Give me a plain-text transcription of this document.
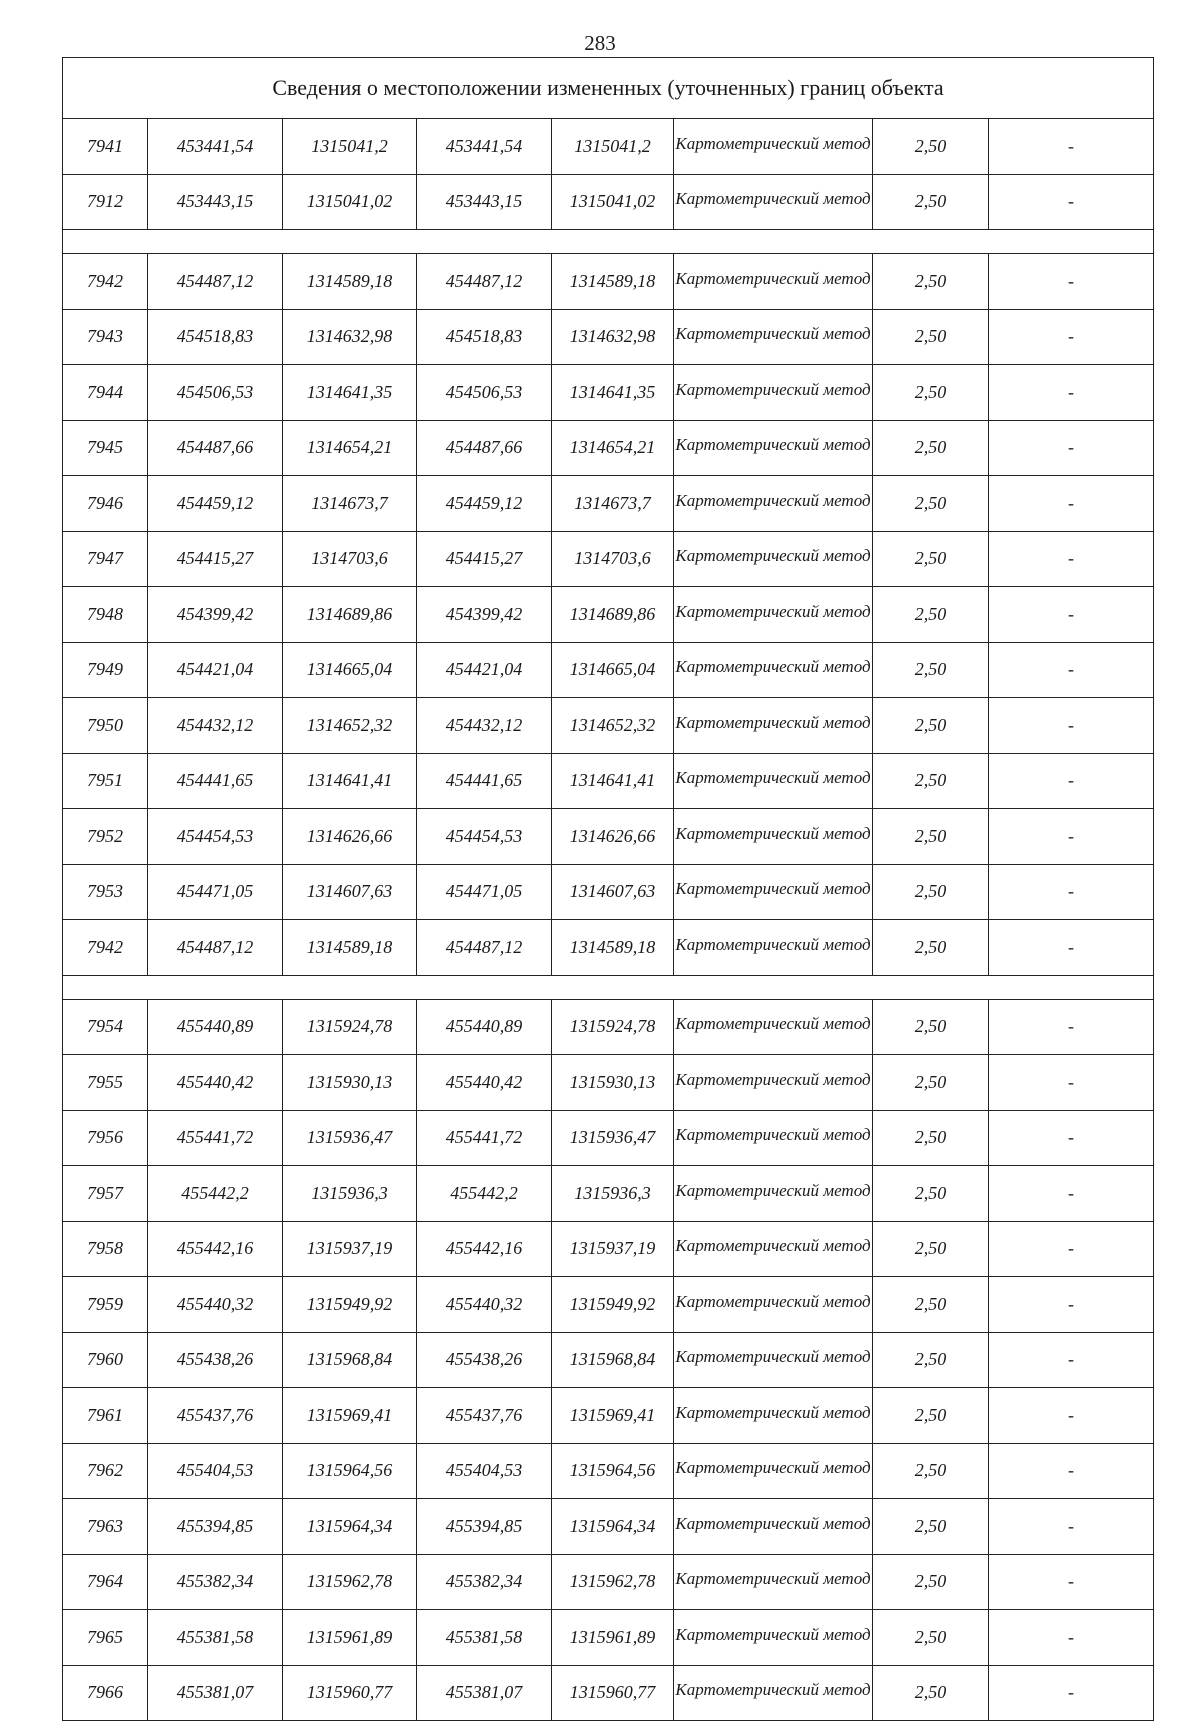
283
Сведения о местоположении измененных (уточненных) границ объекта							
7941	453441,54	1315041,2	453441,54	1315041,2	Картометрический метод	2,50	-
7912	453443,15	1315041,02	453443,15	1315041,02	Картометрический метод	2,50	-

7942	454487,12	1314589,18	454487,12	1314589,18	Картометрический метод	2,50	-
7943	454518,83	1314632,98	454518,83	1314632,98	Картометрический метод	2,50	-
7944	454506,53	1314641,35	454506,53	1314641,35	Картометрический метод	2,50	-
7945	454487,66	1314654,21	454487,66	1314654,21	Картометрический метод	2,50	-
7946	454459,12	1314673,7	454459,12	1314673,7	Картометрический метод	2,50	-
7947	454415,27	1314703,6	454415,27	1314703,6	Картометрический метод	2,50	-
7948	454399,42	1314689,86	454399,42	1314689,86	Картометрический метод	2,50	-
7949	454421,04	1314665,04	454421,04	1314665,04	Картометрический метод	2,50	-
7950	454432,12	1314652,32	454432,12	1314652,32	Картометрический метод	2,50	-
7951	454441,65	1314641,41	454441,65	1314641,41	Картометрический метод	2,50	-
7952	454454,53	1314626,66	454454,53	1314626,66	Картометрический метод	2,50	-
7953	454471,05	1314607,63	454471,05	1314607,63	Картометрический метод	2,50	-
7942	454487,12	1314589,18	454487,12	1314589,18	Картометрический метод	2,50	-

7954	455440,89	1315924,78	455440,89	1315924,78	Картометрический метод	2,50	-
7955	455440,42	1315930,13	455440,42	1315930,13	Картометрический метод	2,50	-
7956	455441,72	1315936,47	455441,72	1315936,47	Картометрический метод	2,50	-
7957	455442,2	1315936,3	455442,2	1315936,3	Картометрический метод	2,50	-
7958	455442,16	1315937,19	455442,16	1315937,19	Картометрический метод	2,50	-
7959	455440,32	1315949,92	455440,32	1315949,92	Картометрический метод	2,50	-
7960	455438,26	1315968,84	455438,26	1315968,84	Картометрический метод	2,50	-
7961	455437,76	1315969,41	455437,76	1315969,41	Картометрический метод	2,50	-
7962	455404,53	1315964,56	455404,53	1315964,56	Картометрический метод	2,50	-
7963	455394,85	1315964,34	455394,85	1315964,34	Картометрический метод	2,50	-
7964	455382,34	1315962,78	455382,34	1315962,78	Картометрический метод	2,50	-
7965	455381,58	1315961,89	455381,58	1315961,89	Картометрический метод	2,50	-
7966	455381,07	1315960,77	455381,07	1315960,77	Картометрический метод	2,50	-
